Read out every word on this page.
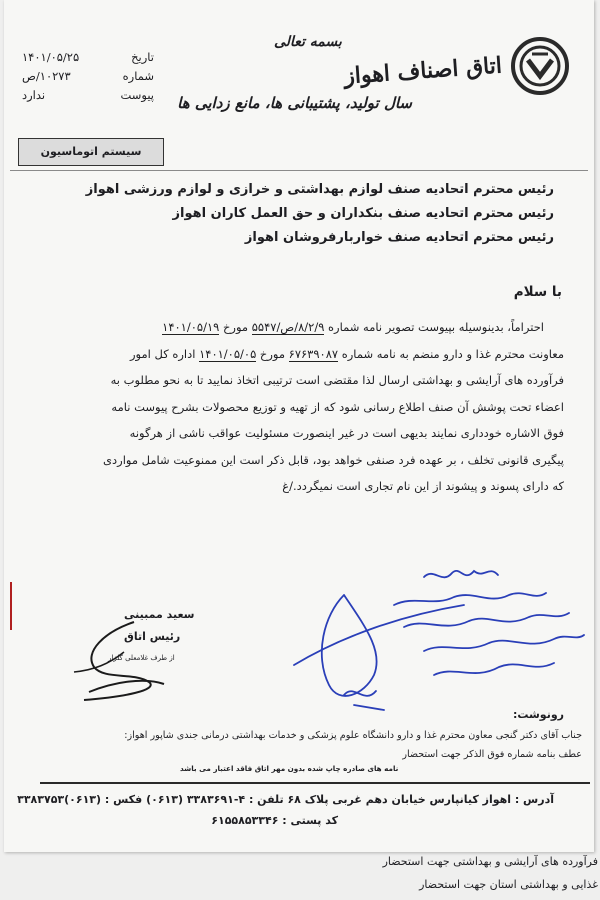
اتاق اصناف اهواز
بسمه تعالی
سال تولید، پشتیبانی ها، مانع زدایی ها
۱۴۰۱/۰۵/۲۵	تاریخ
۱۰۲۷۳/ص	شماره
ندارد	پیوست
سیستم اتوماسیون
رئیس محترم اتحادیه صنف لوازم بهداشتی و خرازی و لوازم ورزشی اهواز
رئیس محترم اتحادیه صنف بنکداران و حق العمل کاران اهواز
رئیس محترم اتحادیه صنف خواربارفروشان اهواز
با سلام
احتراماً، بدینوسیله بپیوست تصویر نامه شماره ۸/۲/۹/ص/۵۵۴۷ مورخ ۱۴۰۱/۰۵/۱۹
معاونت محترم غذا و دارو منضم به نامه شماره ۶۷۶۳۹۰۸۷ مورخ ۱۴۰۱/۰۵/۰۵ اداره کل امور
فرآورده های آرایشی و بهداشتی ارسال لذا مقتضی است ترتیبی اتخاذ نمایید تا به نحو مطلوب به
اعضاء تحت پوشش آن صنف اطلاع رسانی شود که از تهیه و توزیع محصولات بشرح پیوست نامه
فوق الاشاره خودداری نمایند بدیهی است در غیر اینصورت مسئولیت عواقب ناشی از هرگونه
پیگیری قانونی تخلف ، بر عهده فرد صنفی خواهد بود، قابل ذکر است این ممنوعیت شامل مواردی
که دارای پسوند و پیشوند از این نام تجاری است نمیگردد./غ
سعید ممبینی
رئیس اتاق
از طرف غلامعلی گلزار
رونوشت:
جناب آقای دکتر گنجی معاون محترم غذا و دارو دانشگاه علوم پزشکی و خدمات بهداشتی درمانی جندی شاپور اهواز:
عطف بنامه شماره فوق الذکر جهت استحضار
نامه های صادره چاپ شده بدون مهر اتاق فاقد اعتبار می باشد
آدرس : اهواز کیانپارس خیابان دهم غربی پلاک ۶۸ تلفن : ۴-۳۳۸۳۶۹۱ (۰۶۱۳) فکس : (۰۶۱۳)۳۳۸۳۷۵۳
کد پستی : ۶۱۵۵۸۵۳۳۴۶
فرآورده های آرایشی و بهداشتی جهت استحضار
غذایی و بهداشتی استان جهت استحضار
